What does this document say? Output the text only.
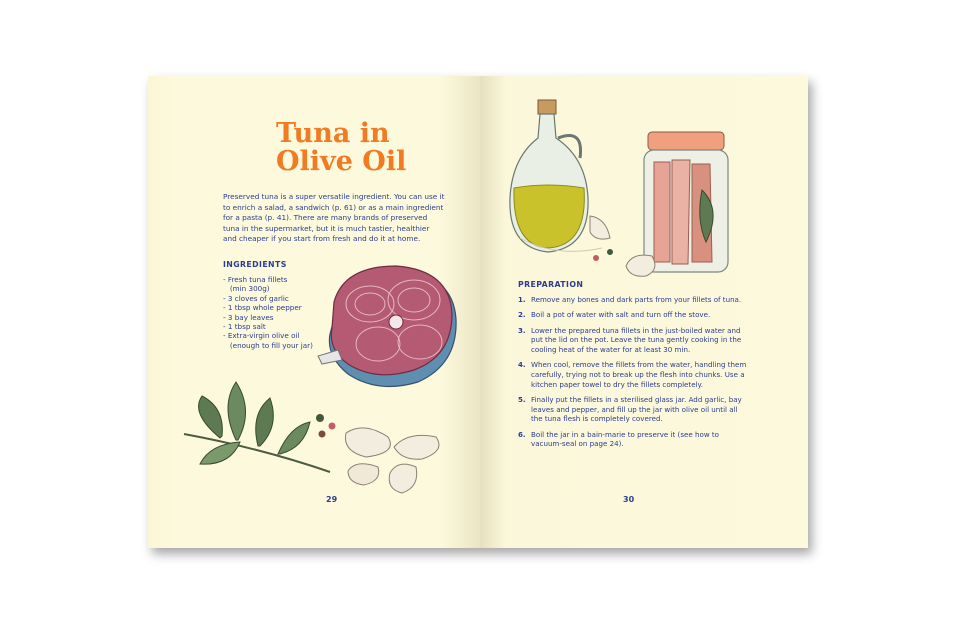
Tuna in
Olive Oil
Preserved tuna is a super versatile ingredient. You can use it to enrich a salad, a sandwich (p. 61) or as a main ingredient for a pasta (p. 41). There are many brands of preserved tuna in the supermarket, but it is much tastier, healthier and cheaper if you start from fresh and do it at home.
INGREDIENTS
- Fresh tuna fillets
(min 300g)
- 3 cloves of garlic
- 1 tbsp whole pepper
- 3 bay leaves
- 1 tbsp salt
- Extra-virgin olive oil
(enough to fill your jar)
29
PREPARATION
1. Remove any bones and dark parts from your fillets of tuna.
2. Boil a pot of water with salt and turn off the stove.
3. Lower the prepared tuna fillets in the just-boiled water and put the lid on the pot. Leave the tuna gently cooking in the cooling heat of the water for at least 30 min.
4. When cool, remove the fillets from the water, handling them carefully, trying not to break up the flesh into chunks. Use a kitchen paper towel to dry the fillets completely.
5. Finally put the fillets in a sterilised glass jar. Add garlic, bay leaves and pepper, and fill up the jar with olive oil until all the tuna flesh is completely covered.
6. Boil the jar in a bain-marie to preserve it (see how to vacuum-seal on page 24).
30
